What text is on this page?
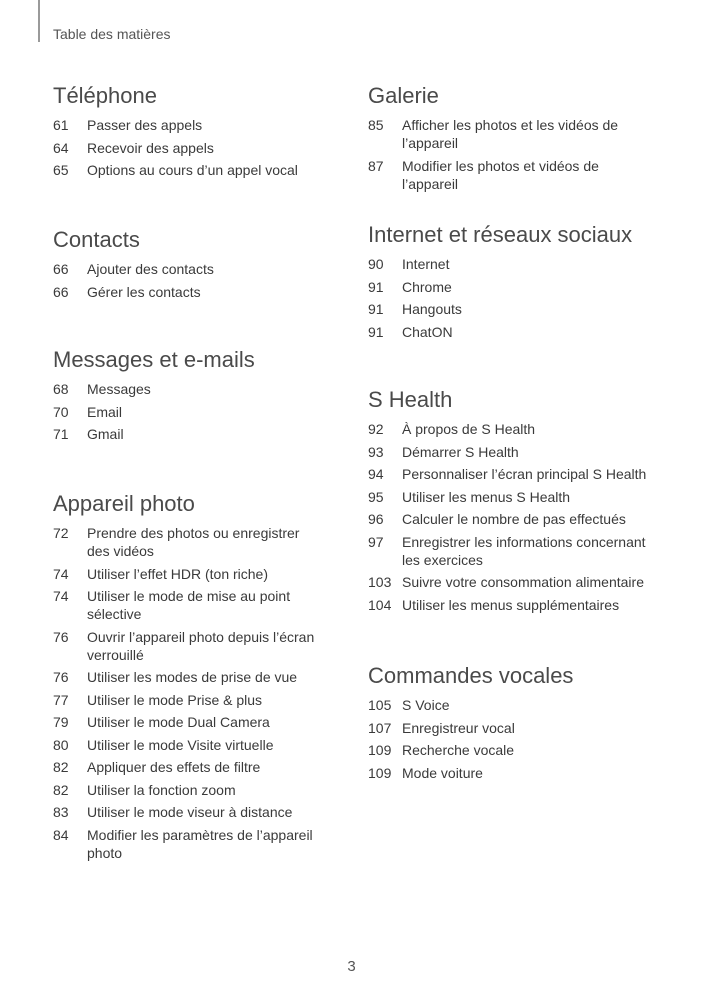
Table des matières
Téléphone
61	Passer des appels
64	Recevoir des appels
65	Options au cours d’un appel vocal
Contacts
66	Ajouter des contacts
66	Gérer les contacts
Messages et e-mails
68	Messages
70	Email
71	Gmail
Appareil photo
72	Prendre des photos ou enregistrer des vidéos
74	Utiliser l’effet HDR (ton riche)
74	Utiliser le mode de mise au point sélective
76	Ouvrir l’appareil photo depuis l’écran verrouillé
76	Utiliser les modes de prise de vue
77	Utiliser le mode Prise & plus
79	Utiliser le mode Dual Camera
80	Utiliser le mode Visite virtuelle
82	Appliquer des effets de filtre
82	Utiliser la fonction zoom
83	Utiliser le mode viseur à distance
84	Modifier les paramètres de l’appareil photo
Galerie
85	Afficher les photos et les vidéos de l’appareil
87	Modifier les photos et vidéos de l’appareil
Internet et réseaux sociaux
90	Internet
91	Chrome
91	Hangouts
91	ChatON
S Health
92	À propos de S Health
93	Démarrer S Health
94	Personnaliser l’écran principal S Health
95	Utiliser les menus S Health
96	Calculer le nombre de pas effectués
97	Enregistrer les informations concernant les exercices
103 Suivre votre consommation alimentaire
104 Utiliser les menus supplémentaires
Commandes vocales
105 S Voice
107 Enregistreur vocal
109 Recherche vocale
109 Mode voiture
3
